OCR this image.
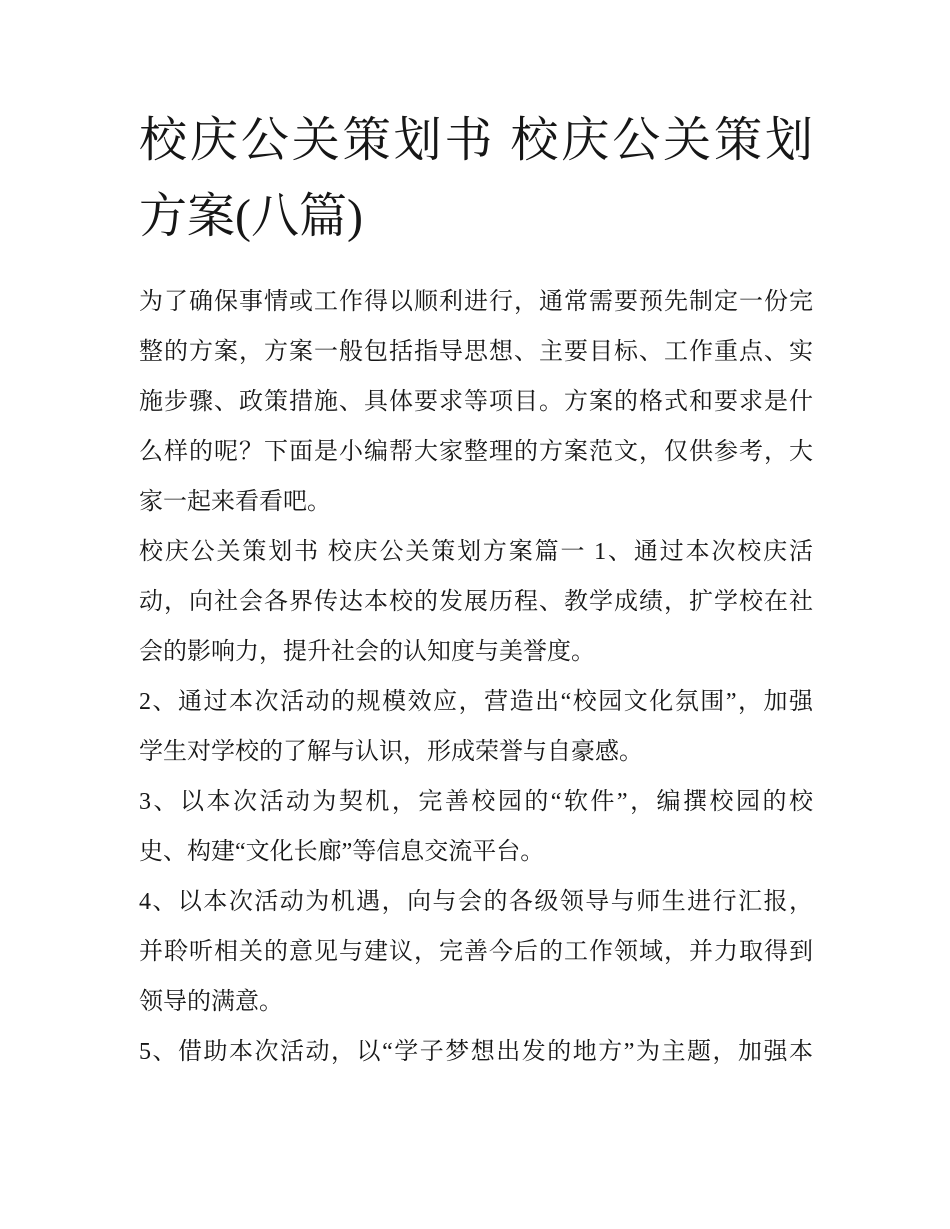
校庆公关策划书 校庆公关策划
方案(八篇)
为了确保事情或工作得以顺利进行，通常需要预先制定一份完
整的方案，方案一般包括指导思想、主要目标、工作重点、实
施步骤、政策措施、具体要求等项目。方案的格式和要求是什
么样的呢？下面是小编帮大家整理的方案范文，仅供参考，大
家一起来看看吧。
校庆公关策划书 校庆公关策划方案篇一 1、通过本次校庆活
动，向社会各界传达本校的发展历程、教学成绩，扩学校在社
会的影响力，提升社会的认知度与美誉度。
2、通过本次活动的规模效应，营造出“校园文化氛围”，加强
学生对学校的了解与认识，形成荣誉与自豪感。
3、以本次活动为契机，完善校园的“软件”，编撰校园的校
史、构建“文化长廊”等信息交流平台。
4、以本次活动为机遇，向与会的各级领导与师生进行汇报，
并聆听相关的意见与建议，完善今后的工作领域，并力取得到
领导的满意。
5、借助本次活动，以“学子梦想出发的地方”为主题，加强本
